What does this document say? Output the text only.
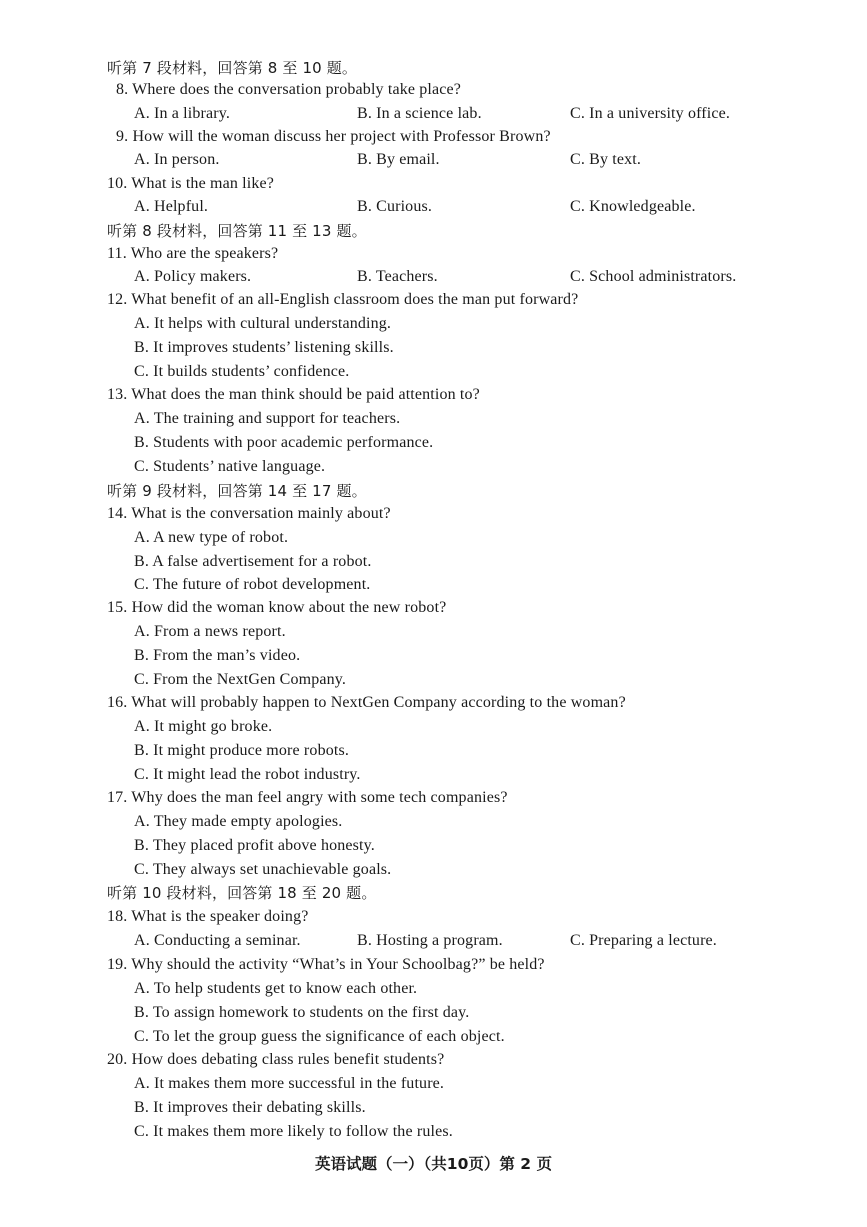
听第 7 段材料，回答第 8 至 10 题。
8. Where does the conversation probably take place?
A. In a library.	B. In a science lab.	C. In a university office.
9. How will the woman discuss her project with Professor Brown?
A. In person.	B. By email.	C. By text.
10. What is the man like?
A. Helpful.	B. Curious.	C. Knowledgeable.
听第 8 段材料，回答第 11 至 13 题。
11. Who are the speakers?
A. Policy makers.	B. Teachers.	C. School administrators.
12. What benefit of an all-English classroom does the man put forward?
A. It helps with cultural understanding.
B. It improves students’ listening skills.
C. It builds students’ confidence.
13. What does the man think should be paid attention to?
A. The training and support for teachers.
B. Students with poor academic performance.
C. Students’ native language.
听第 9 段材料，回答第 14 至 17 题。
14. What is the conversation mainly about?
A. A new type of robot.
B. A false advertisement for a robot.
C. The future of robot development.
15. How did the woman know about the new robot?
A. From a news report.
B. From the man’s video.
C. From the NextGen Company.
16. What will probably happen to NextGen Company according to the woman?
A. It might go broke.
B. It might produce more robots.
C. It might lead the robot industry.
17. Why does the man feel angry with some tech companies?
A. They made empty apologies.
B. They placed profit above honesty.
C. They always set unachievable goals.
听第 10 段材料，回答第 18 至 20 题。
18. What is the speaker doing?
A. Conducting a seminar.	B. Hosting a program.	C. Preparing a lecture.
19. Why should the activity “What’s in Your Schoolbag?” be held?
A. To help students get to know each other.
B. To assign homework to students on the first day.
C. To let the group guess the significance of each object.
20. How does debating class rules benefit students?
A. It makes them more successful in the future.
B. It improves their debating skills.
C. It makes them more likely to follow the rules.
英语试题（一）（共10页）第 2 页
